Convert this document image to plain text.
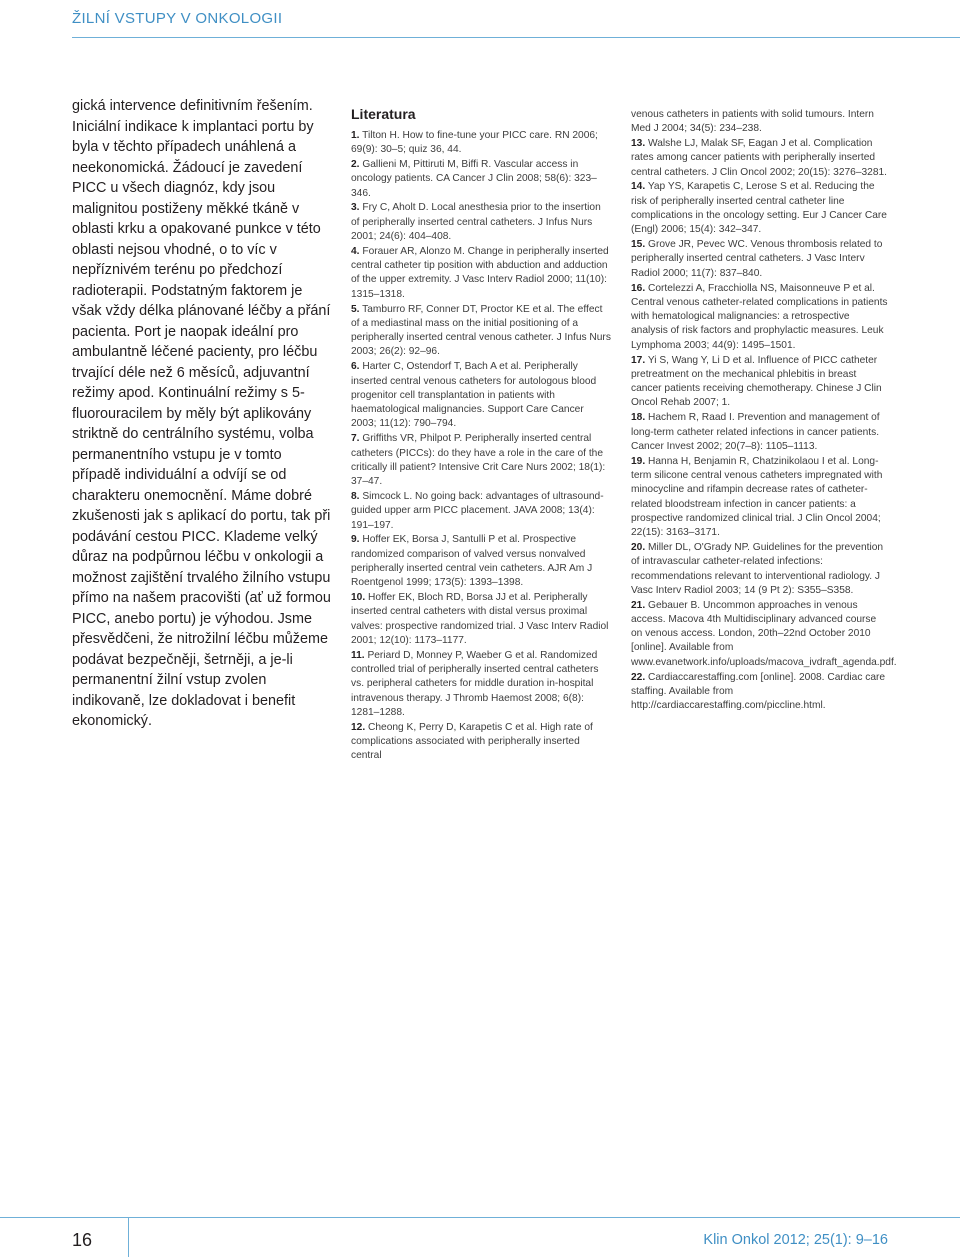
ŽILNÍ VSTUPY V ONKOLOGII

gická intervence definitivním řešením. Iniciální indikace k implantaci portu by byla v těchto případech unáhlená a neekonomická. Žádoucí je zavedení PICC u všech diagnóz, kdy jsou malignitou postiženy měkké tkáně v oblasti krku a opakované punkce v této oblasti nejsou vhodné, o to víc v nepříznivém terénu po předchozí radioterapii. Podstatným faktorem je však vždy délka plánované léčby a přání pacienta. Port je naopak ideální pro ambulantně léčené pacienty, pro léčbu trvající déle než 6 měsíců, adjuvantní režimy apod. Kontinuální režimy s 5-fluorouracilem by měly být aplikovány striktně do centrálního systému, volba permanentního vstupu je v tomto případě individuální a odvíjí se od charakteru onemocnění. Máme dobré zkušenosti jak s aplikací do portu, tak při podávání cestou PICC. Klademe velký důraz na podpůrnou léčbu v onkologii a možnost zajištění trvalého žilního vstupu přímo na našem pracovišti (ať už formou PICC, anebo portu) je výhodou. Jsme přesvědčeni, že nitrožilní léčbu můžeme podávat bezpečněji, šetrněji, a je-li permanentní žilní vstup zvolen indikovaně, lze dokladovat i benefit ekonomický.

Literatura
1. Tilton H. How to fine-tune your PICC care. RN 2006; 69(9): 30–5; quiz 36, 44.
2. Gallieni M, Pittiruti M, Biffi R. Vascular access in oncology patients. CA Cancer J Clin 2008; 58(6): 323–346.
3. Fry C, Aholt D. Local anesthesia prior to the insertion of peripherally inserted central catheters. J Infus Nurs 2001; 24(6): 404–408.
4. Forauer AR, Alonzo M. Change in peripherally inserted central catheter tip position with abduction and adduction of the upper extremity. J Vasc Interv Radiol 2000; 11(10): 1315–1318.
5. Tamburro RF, Conner DT, Proctor KE et al. The effect of a mediastinal mass on the initial positioning of a peripherally inserted central venous catheter. J Infus Nurs 2003; 26(2): 92–96.
6. Harter C, Ostendorf T, Bach A et al. Peripherally inserted central venous catheters for autologous blood progenitor cell transplantation in patients with haematological malignancies. Support Care Cancer 2003; 11(12): 790–794.
7. Griffiths VR, Philpot P. Peripherally inserted central catheters (PICCs): do they have a role in the care of the critically ill patient? Intensive Crit Care Nurs 2002; 18(1): 37–47.
8. Simcock L. No going back: advantages of ultrasound-guided upper arm PICC placement. JAVA 2008; 13(4): 191–197.
9. Hoffer EK, Borsa J, Santulli P et al. Prospective randomized comparison of valved versus nonvalved peripherally inserted central vein catheters. AJR Am J Roentgenol 1999; 173(5): 1393–1398.
10. Hoffer EK, Bloch RD, Borsa JJ et al. Peripherally inserted central catheters with distal versus proximal valves: prospective randomized trial. J Vasc Interv Radiol 2001; 12(10): 1173–1177.
11. Periard D, Monney P, Waeber G et al. Randomized controlled trial of peripherally inserted central catheters vs. peripheral catheters for middle duration in-hospital intravenous therapy. J Thromb Haemost 2008; 6(8): 1281–1288.
12. Cheong K, Perry D, Karapetis C et al. High rate of complications associated with peripherally inserted central
venous catheters in patients with solid tumours. Intern Med J 2004; 34(5): 234–238.
13. Walshe LJ, Malak SF, Eagan J et al. Complication rates among cancer patients with peripherally inserted central catheters. J Clin Oncol 2002; 20(15): 3276–3281.
14. Yap YS, Karapetis C, Lerose S et al. Reducing the risk of peripherally inserted central catheter line complications in the oncology setting. Eur J Cancer Care (Engl) 2006; 15(4): 342–347.
15. Grove JR, Pevec WC. Venous thrombosis related to peripherally inserted central catheters. J Vasc Interv Radiol 2000; 11(7): 837–840.
16. Cortelezzi A, Fracchiolla NS, Maisonneuve P et al. Central venous catheter-related complications in patients with hematological malignancies: a retrospective analysis of risk factors and prophylactic measures. Leuk Lymphoma 2003; 44(9): 1495–1501.
17. Yi S, Wang Y, Li D et al. Influence of PICC catheter pretreatment on the mechanical phlebitis in breast cancer patients receiving chemotherapy. Chinese J Clin Oncol Rehab 2007; 1.
18. Hachem R, Raad I. Prevention and management of long-term catheter related infections in cancer patients. Cancer Invest 2002; 20(7–8): 1105–1113.
19. Hanna H, Benjamin R, Chatzinikolaou I et al. Long-term silicone central venous catheters impregnated with minocycline and rifampin decrease rates of catheter-related bloodstream infection in cancer patients: a prospective randomized clinical trial. J Clin Oncol 2004; 22(15): 3163–3171.
20. Miller DL, O'Grady NP. Guidelines for the prevention of intravascular catheter-related infections: recommendations relevant to interventional radiology. J Vasc Interv Radiol 2003; 14 (9 Pt 2): S355–S358.
21. Gebauer B. Uncommon approaches in venous access. Macova 4th Multidisciplinary advanced course on venous access. London, 20th–22nd October 2010 [online]. Available from www.evanetwork.info/uploads/macova_ivdraft_agenda.pdf.
22. Cardiaccarestaffing.com [online]. 2008. Cardiac care staffing. Available from http://cardiaccarestaffing.com/piccline.html.
16	Klin Onkol 2012; 25(1): 9–16
